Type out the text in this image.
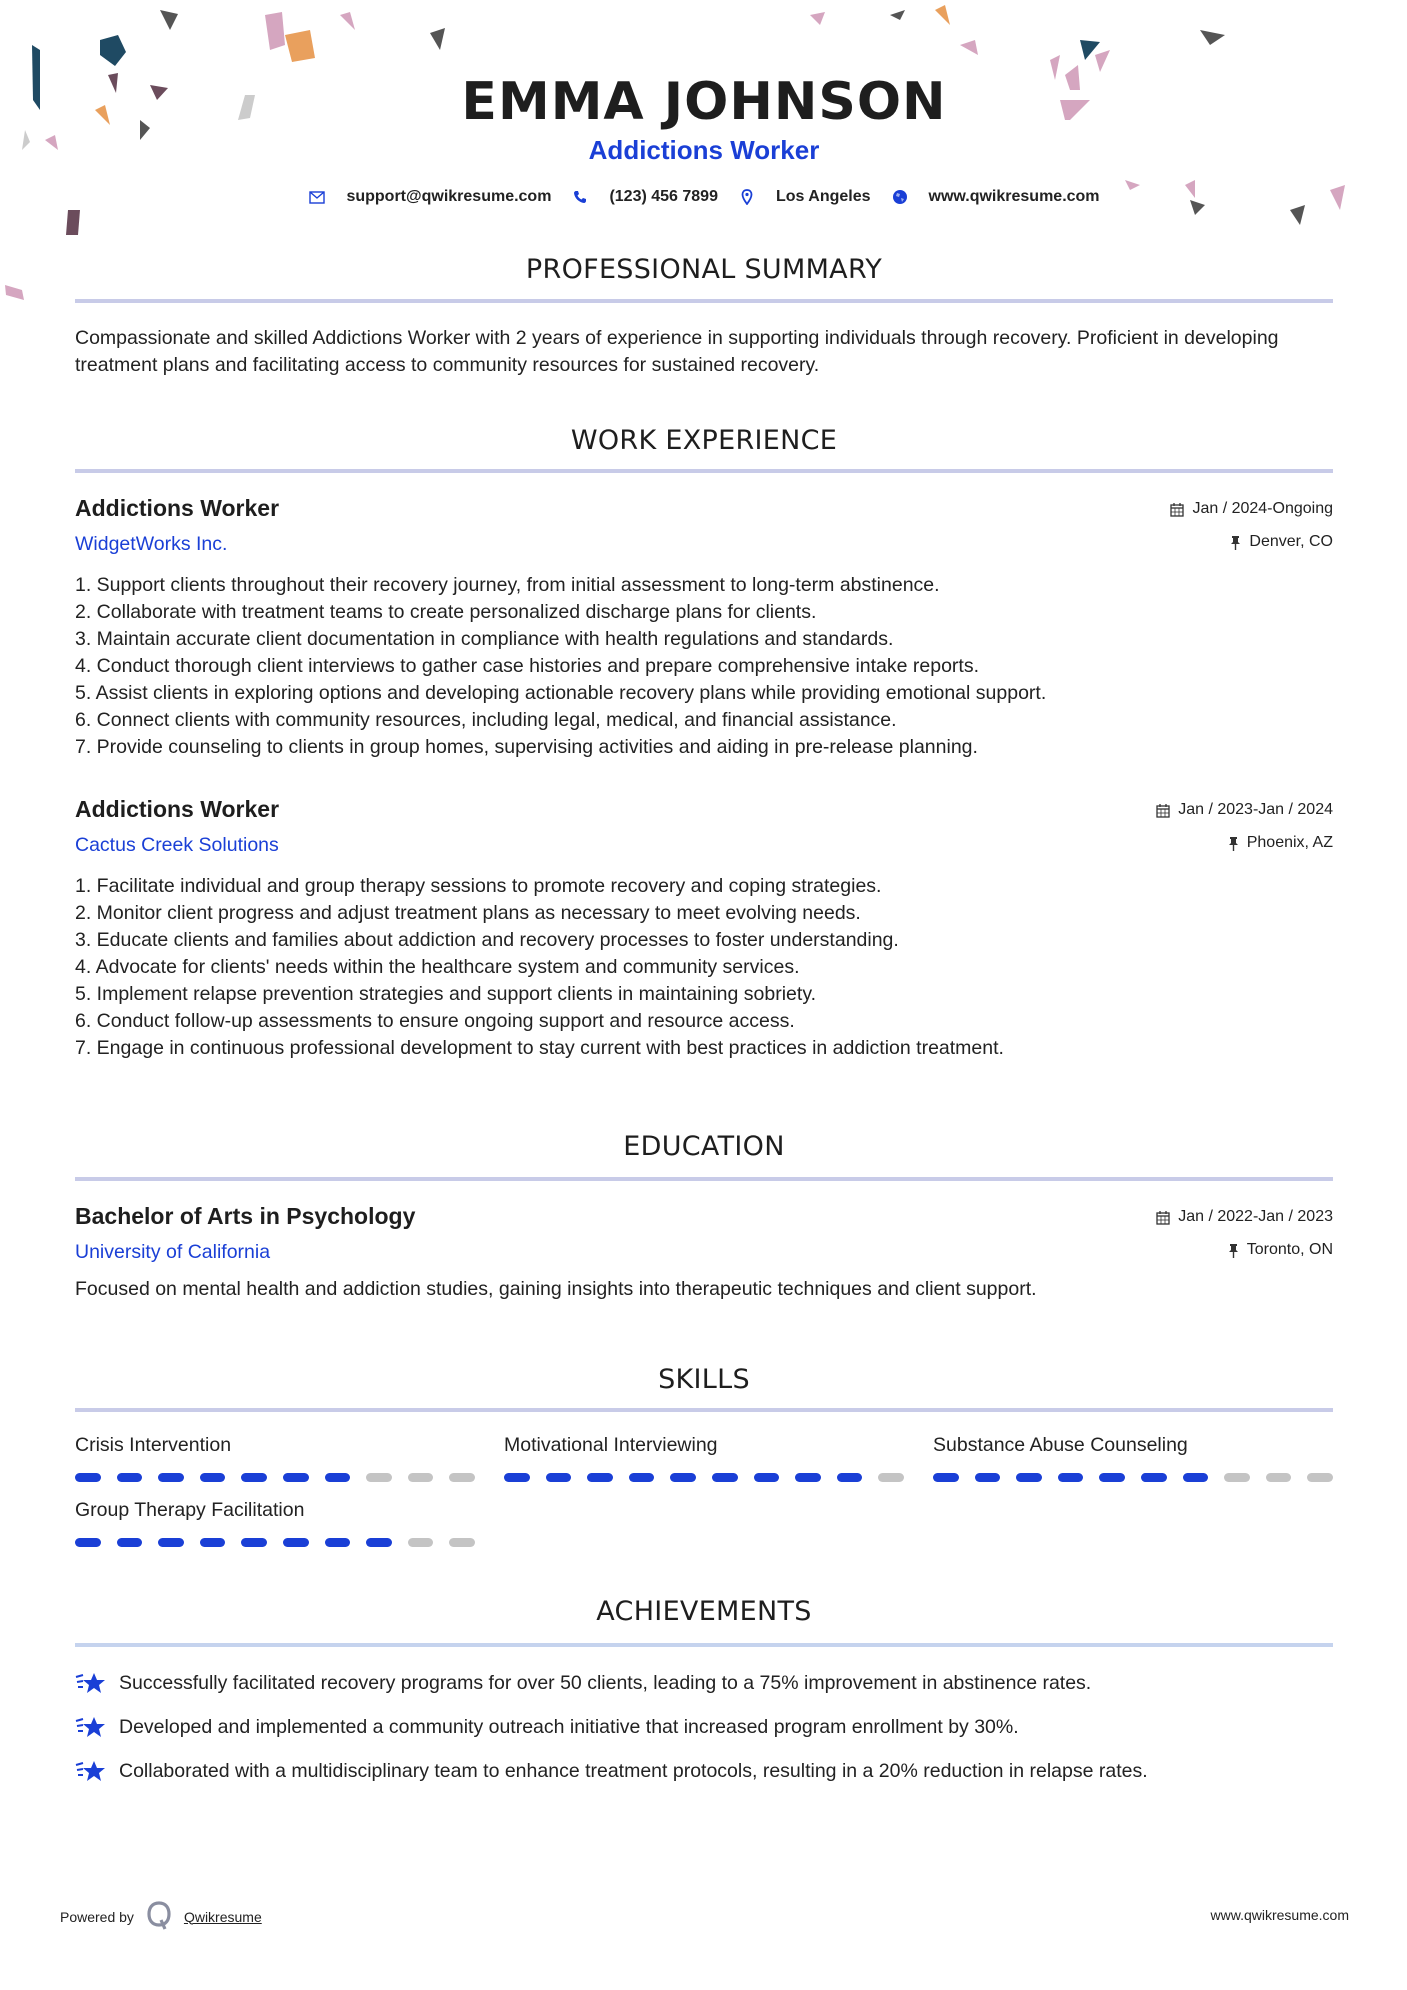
EMMA JOHNSON
Addictions Worker
support@qwikresume.com	(123) 456 7899	Los Angeles	www.qwikresume.com
PROFESSIONAL SUMMARY
Compassionate and skilled Addictions Worker with 2 years of experience in supporting individuals through recovery. Proficient in developing treatment plans and facilitating access to community resources for sustained recovery.
WORK EXPERIENCE
Addictions Worker
WidgetWorks Inc.
Jan / 2024-Ongoing
Denver, CO
1. Support clients throughout their recovery journey, from initial assessment to long-term abstinence.
2. Collaborate with treatment teams to create personalized discharge plans for clients.
3. Maintain accurate client documentation in compliance with health regulations and standards.
4. Conduct thorough client interviews to gather case histories and prepare comprehensive intake reports.
5. Assist clients in exploring options and developing actionable recovery plans while providing emotional support.
6. Connect clients with community resources, including legal, medical, and financial assistance.
7. Provide counseling to clients in group homes, supervising activities and aiding in pre-release planning.
Addictions Worker
Cactus Creek Solutions
Jan / 2023-Jan / 2024
Phoenix, AZ
1. Facilitate individual and group therapy sessions to promote recovery and coping strategies.
2. Monitor client progress and adjust treatment plans as necessary to meet evolving needs.
3. Educate clients and families about addiction and recovery processes to foster understanding.
4. Advocate for clients' needs within the healthcare system and community services.
5. Implement relapse prevention strategies and support clients in maintaining sobriety.
6. Conduct follow-up assessments to ensure ongoing support and resource access.
7. Engage in continuous professional development to stay current with best practices in addiction treatment.
EDUCATION
Bachelor of Arts in Psychology
University of California
Jan / 2022-Jan / 2023
Toronto, ON
Focused on mental health and addiction studies, gaining insights into therapeutic techniques and client support.
SKILLS
Crisis Intervention	Motivational Interviewing	Substance Abuse Counseling
Group Therapy Facilitation
ACHIEVEMENTS
Successfully facilitated recovery programs for over 50 clients, leading to a 75% improvement in abstinence rates.
Developed and implemented a community outreach initiative that increased program enrollment by 30%.
Collaborated with a multidisciplinary team to enhance treatment protocols, resulting in a 20% reduction in relapse rates.
Powered by	Qwikresume	www.qwikresume.com
